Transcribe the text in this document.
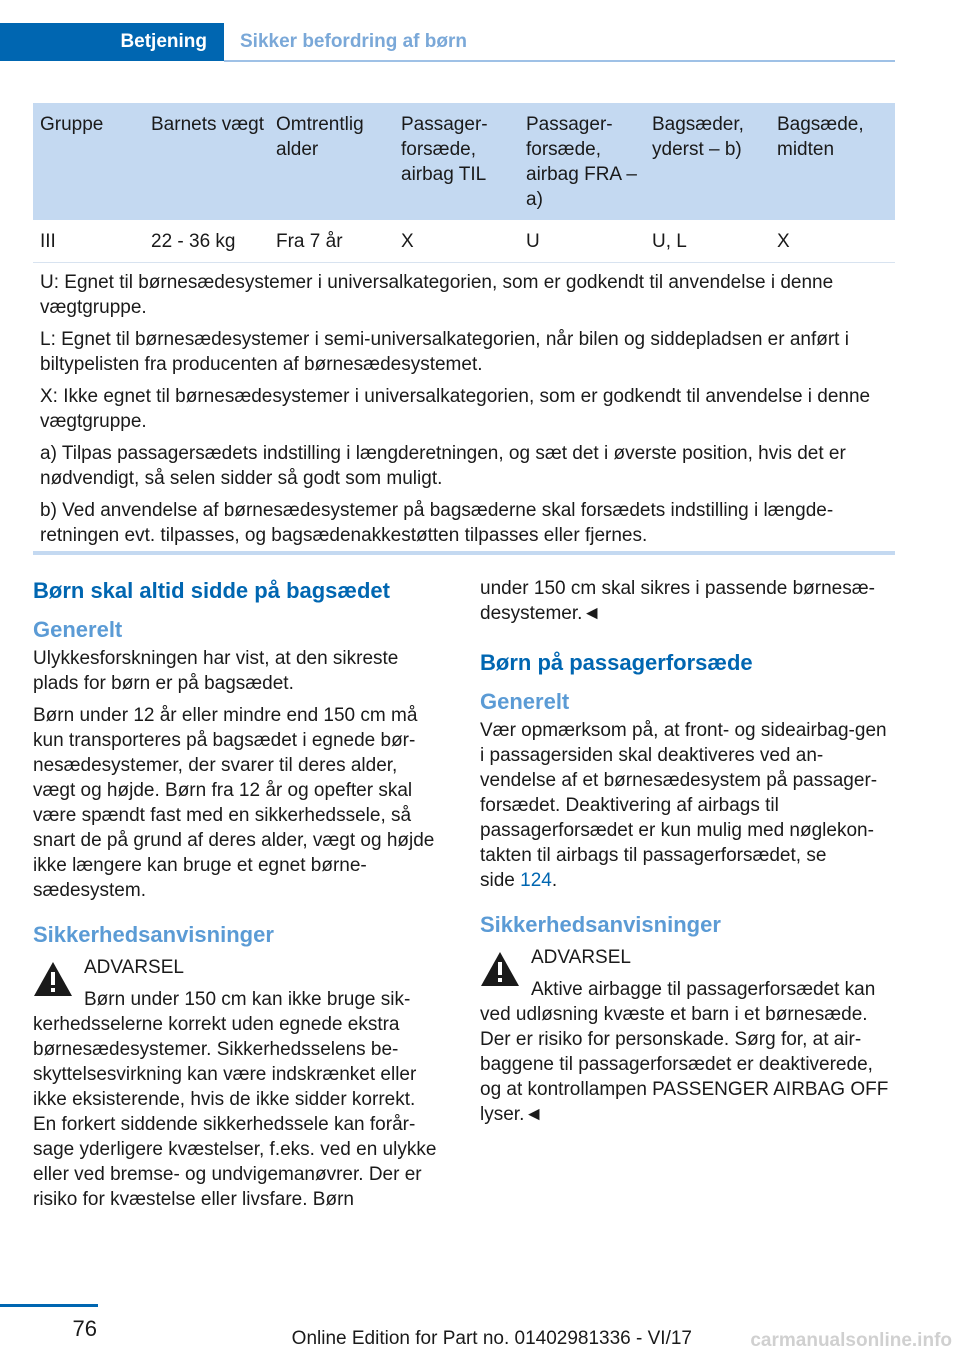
Betjening	Sikker befordring af børn
Gruppe	Barnets vægt	Omtrentlig alder	Passager-forsæde, airbag TIL	Passager-forsæde, airbag FRA – a)	Bagsæder, yderst – b)	Bagsæde, midten
III	22 - 36 kg	Fra 7 år	X	U	U, L	X

U: Egnet til børnesædesystemer i universalkategorien, som er godkendt til anvendelse i denne vægtgruppe.

L: Egnet til børnesædesystemer i semi-universalkategorien, når bilen og siddepladsen er anført i biltypelisten fra producenten af børnesædesystemet.

X: Ikke egnet til børnesædesystemer i universalkategorien, som er godkendt til anvendelse i denne vægtgruppe.

a) Tilpas passagersædets indstilling i længderetningen, og sæt det i øverste position, hvis det er nødvendigt, så selen sidder så godt som muligt.

b) Ved anvendelse af børnesædesystemer på bagsæderne skal forsædets indstilling i længde-retningen evt. tilpasses, og bagsædenakkestøtten tilpasses eller fjernes.						

Børn skal altid sidde på bagsædet
Generelt

Ulykkesforskningen har vist, at den sikreste plads for børn er på bagsædet.

Børn under 12 år eller mindre end 150 cm må kun transporteres på bagsædet i egnede bør-nesædesystemer, der svarer til deres alder, vægt og højde. Børn fra 12 år og opefter skal være spændt fast med en sikkerhedssele, så snart de på grund af deres alder, vægt og højde ikke længere kan bruge et egnet børne-sædesystem.

Sikkerhedsanvisninger

ADVARSEL

Børn under 150 cm kan ikke bruge sik-

kerhedsselerne korrekt uden egnede ekstra børnesædesystemer. Sikkerhedsselens be-skyttelsesvirkning kan være indskrænket eller ikke eksisterende, hvis de ikke sidder korrekt. En forkert siddende sikkerhedssele kan forår-sage yderligere kvæstelser, f.eks. ved en ulykke eller ved bremse- og undvigemanøvrer. Der er risiko for kvæstelse eller livsfare. Børn

under 150 cm skal sikres i passende børnesæ-desystemer.◄

Børn på passagerforsæde
Generelt

Vær opmærksom på, at front- og sideairbag-gen i passagersiden skal deaktiveres ved an-vendelse af et børnesædesystem på passager-forsædet. Deaktivering af airbags til passagerforsædet er kun mulig med nøglekon-takten til airbags til passagerforsædet, se
side 124.

Sikkerhedsanvisninger

ADVARSEL

Aktive airbagge til passagerforsædet kan

ved udløsning kvæste et barn i et børnesæde. Der er risiko for personskade. Sørg for, at air-baggene til passagerforsædet er deaktiverede, og at kontrollampen PASSENGER AIRBAG OFF lyser.◄

76	Online Edition for Part no. 01402981336 - VI/17	carmanualsonline.info
